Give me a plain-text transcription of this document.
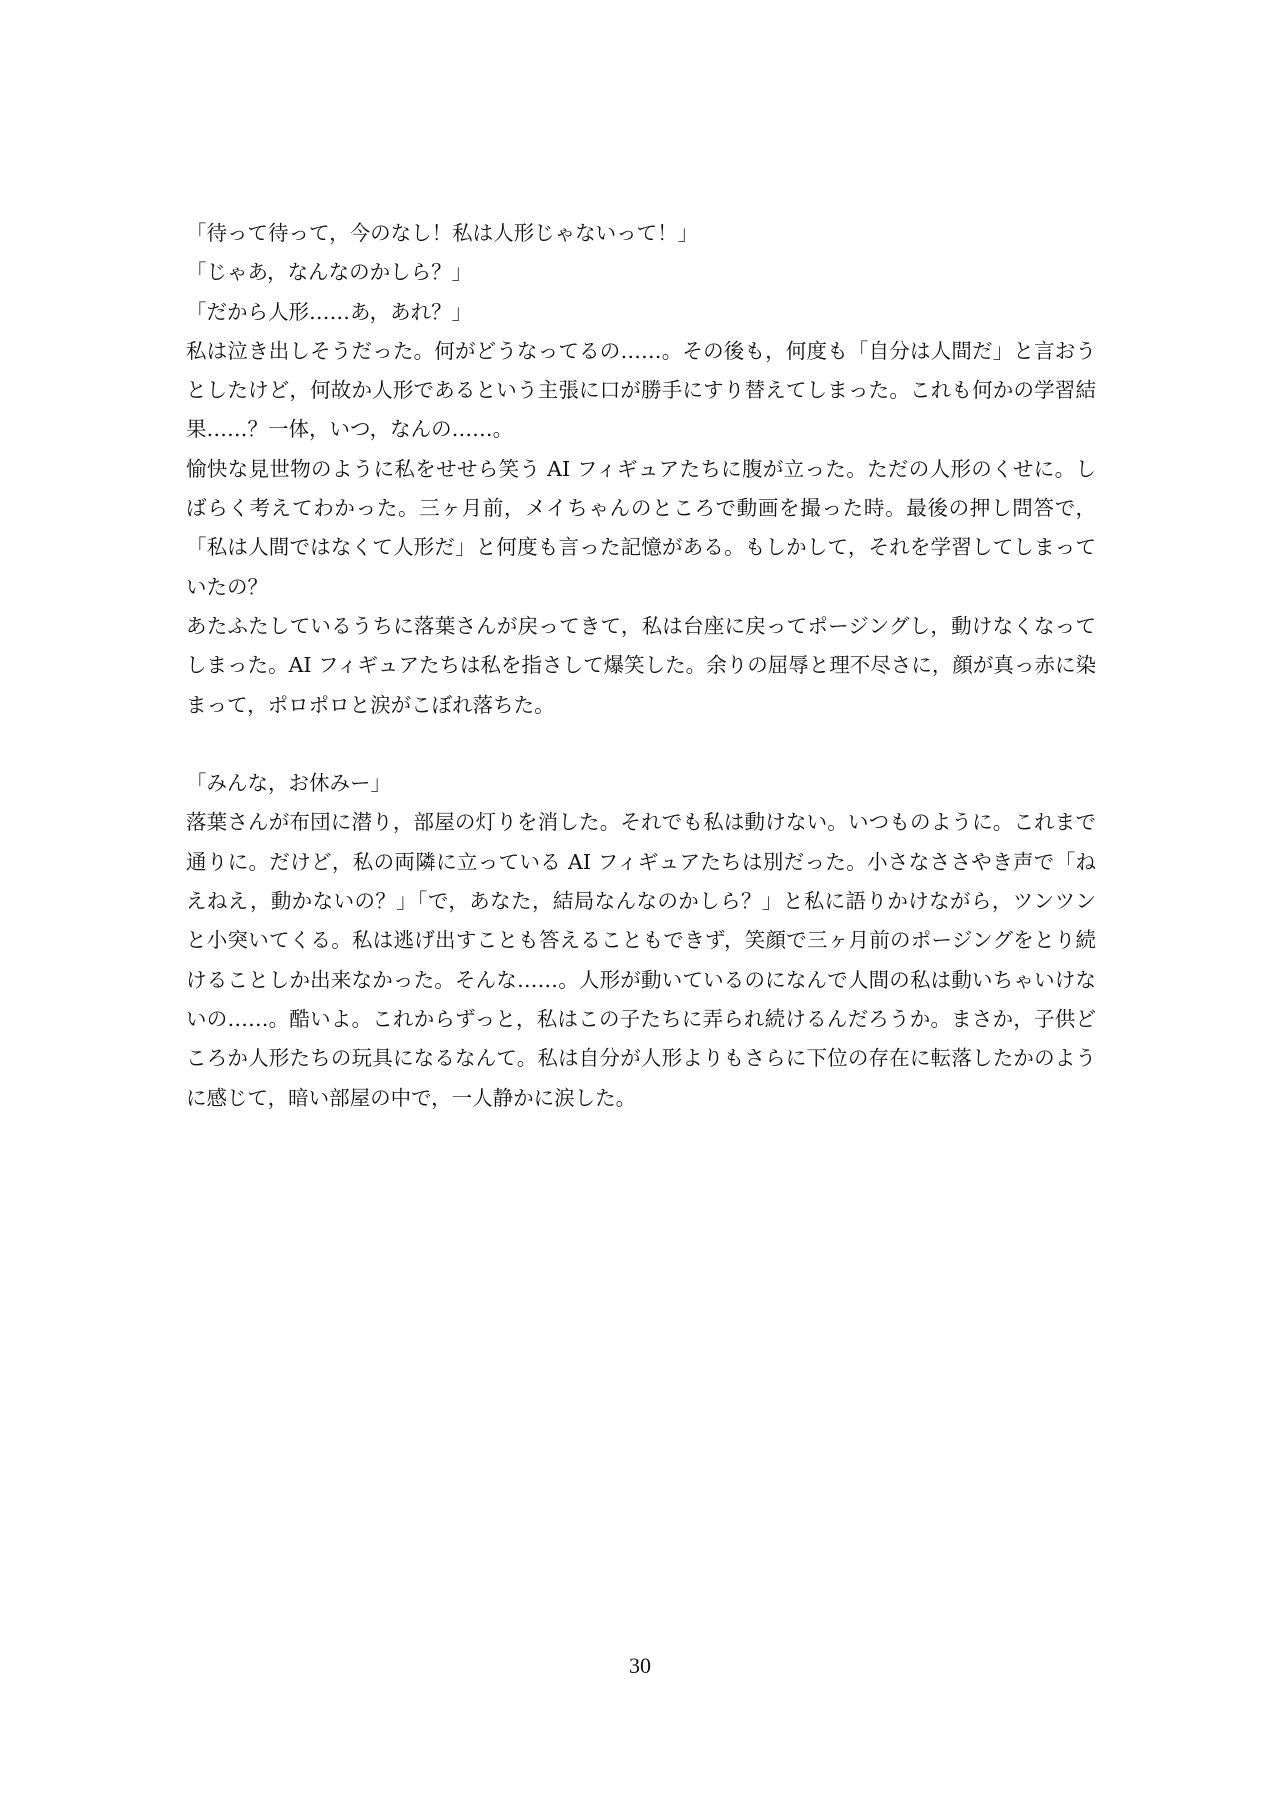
「待って待って，今のなし！私は人形じゃないって！」

「じゃあ，なんなのかしら？」

「だから人形……あ，あれ？」

私は泣き出しそうだった。何がどうなってるの……。その後も，何度も「自分は人間だ」と言おうとしたけど，何故か人形であるという主張に口が勝手にすり替えてしまった。これも何かの学習結果……？一体，いつ，なんの……。

愉快な見世物のように私をせせら笑う AI フィギュアたちに腹が立った。ただの人形のくせに。しばらく考えてわかった。三ヶ月前，メイちゃんのところで動画を撮った時。最後の押し問答で，「私は人間ではなくて人形だ」と何度も言った記憶がある。もしかして，それを学習してしまっていたの？

あたふたしているうちに落葉さんが戻ってきて，私は台座に戻ってポージングし，動けなくなってしまった。AI フィギュアたちは私を指さして爆笑した。余りの屈辱と理不尽さに，顔が真っ赤に染まって，ポロポロと涙がこぼれ落ちた。

「みんな，お休みー」

落葉さんが布団に潜り，部屋の灯りを消した。それでも私は動けない。いつものように。これまで通りに。だけど，私の両隣に立っている AI フィギュアたちは別だった。小さなささやき声で「ねえねえ，動かないの？」「で，あなた，結局なんなのかしら？」と私に語りかけながら，ツンツンと小突いてくる。私は逃げ出すことも答えることもできず，笑顔で三ヶ月前のポージングをとり続けることしか出来なかった。そんな……。人形が動いているのになんで人間の私は動いちゃいけないの……。酷いよ。これからずっと，私はこの子たちに弄られ続けるんだろうか。まさか，子供どころか人形たちの玩具になるなんて。私は自分が人形よりもさらに下位の存在に転落したかのように感じて，暗い部屋の中で，一人静かに涙した。

30
